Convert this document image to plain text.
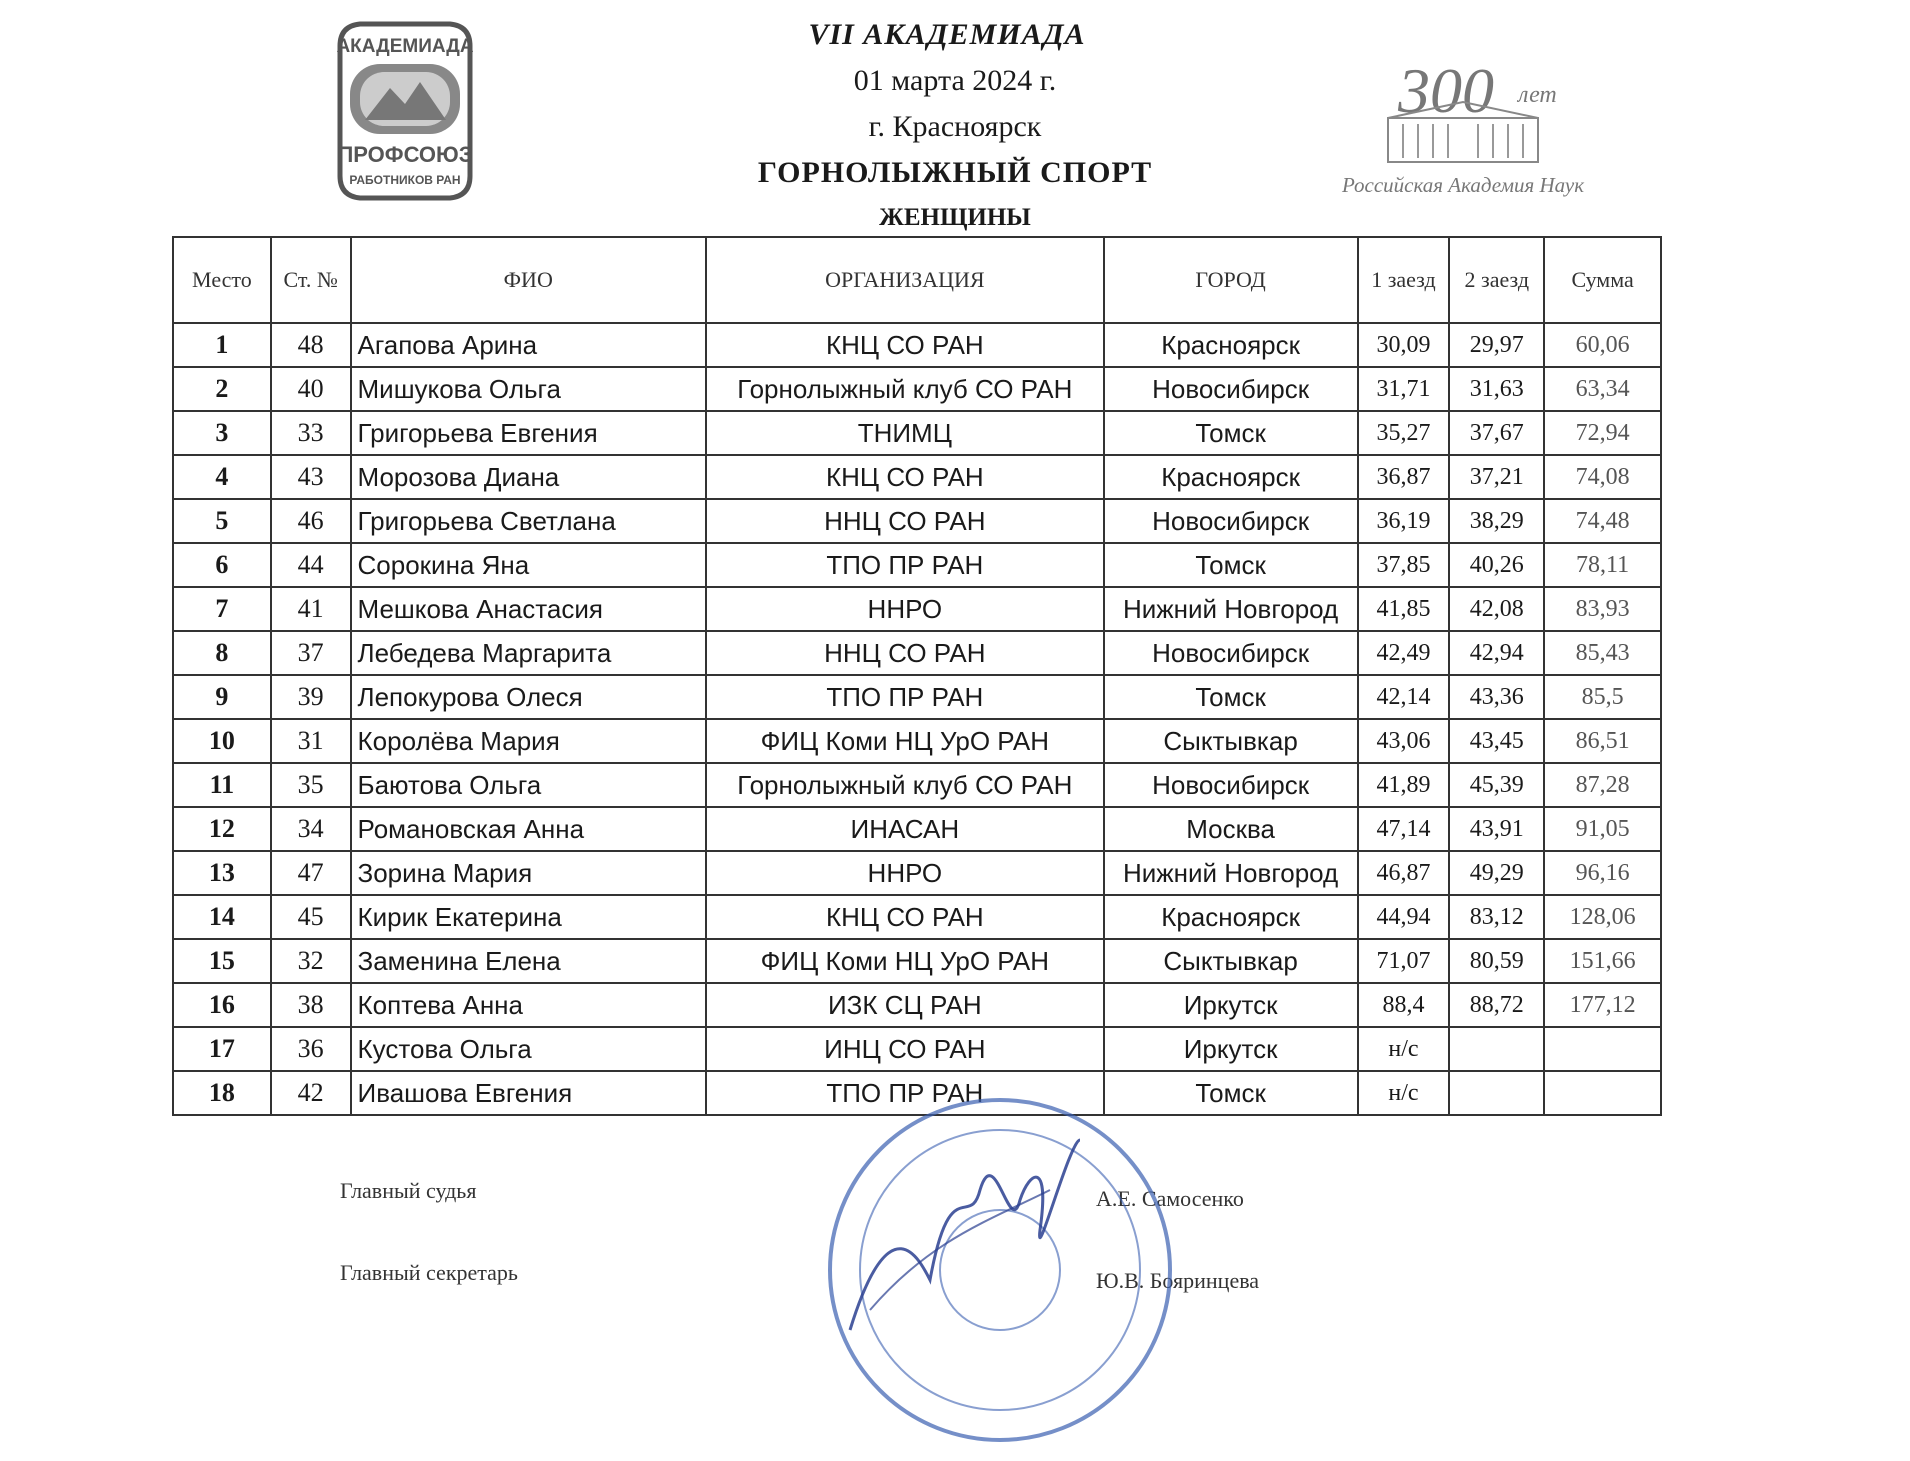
VII АКАДЕМИАДА
01 марта 2024 г.
г. Красноярск
ГОРНОЛЫЖНЫЙ СПОРТ
ЖЕНЩИНЫ
АКАДЕМИАДА
ПРОФСОЮЗ
РАБОТНИКОВ РАН
300 лет
Российская Академия Наук
Место	Ст. №	ФИО	ОРГАНИЗАЦИЯ	ГОРОД	1 заезд	2 заезд	Сумма
1	48	Агапова Арина	КНЦ СО РАН	Красноярск	30,09	29,97	60,06
2	40	Мишукова Ольга	Горнолыжный клуб СО РАН	Новосибирск	31,71	31,63	63,34
3	33	Григорьева Евгения	ТНИМЦ	Томск	35,27	37,67	72,94
4	43	Морозова Диана	КНЦ СО РАН	Красноярск	36,87	37,21	74,08
5	46	Григорьева Светлана	ННЦ СО РАН	Новосибирск	36,19	38,29	74,48
6	44	Сорокина Яна	ТПО ПР РАН	Томск	37,85	40,26	78,11
7	41	Мешкова Анастасия	ННРО	Нижний Новгород	41,85	42,08	83,93
8	37	Лебедева Маргарита	ННЦ СО РАН	Новосибирск	42,49	42,94	85,43
9	39	Лепокурова Олеся	ТПО ПР РАН	Томск	42,14	43,36	85,5
10	31	Королёва Мария	ФИЦ Коми НЦ УрО РАН	Сыктывкар	43,06	43,45	86,51
11	35	Баютова Ольга	Горнолыжный клуб СО РАН	Новосибирск	41,89	45,39	87,28
12	34	Романовская Анна	ИНАСАН	Москва	47,14	43,91	91,05
13	47	Зорина Мария	ННРО	Нижний Новгород	46,87	49,29	96,16
14	45	Кирик Екатерина	КНЦ СО РАН	Красноярск	44,94	83,12	128,06
15	32	Заменина Елена	ФИЦ Коми НЦ УрО РАН	Сыктывкар	71,07	80,59	151,66
16	38	Коптева Анна	ИЗК СЦ РАН	Иркутск	88,4	88,72	177,12
17	36	Кустова Ольга	ИНЦ СО РАН	Иркутск	н/с		
18	42	Ивашова Евгения	ТПО ПР РАН	Томск	н/с		
Главный судья	А.Е. Самосенко
Главный секретарь	Ю.В. Бояринцева
